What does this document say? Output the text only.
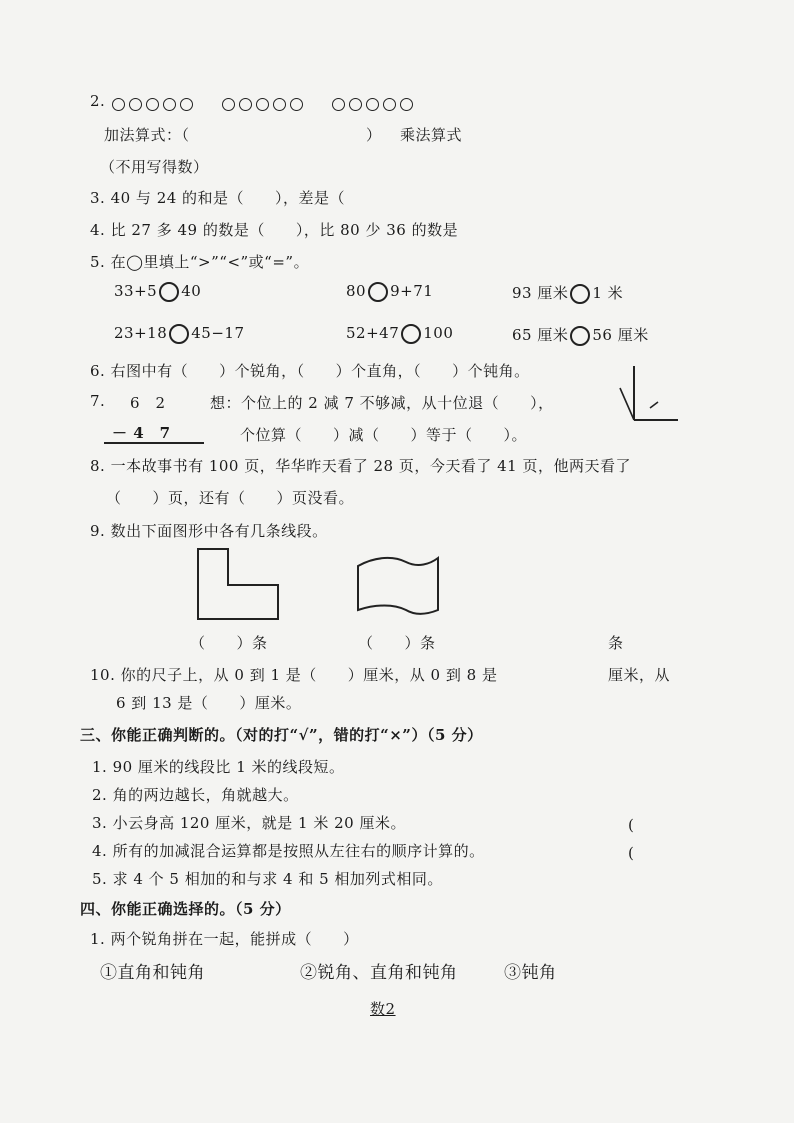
2.
加法算式：（	） 乘法算式
（不用写得数）
3. 40 与 24 的和是（　　），差是（
4. 比 27 多 49 的数是（　　），比 80 少 36 的数是
5. 在◯里填上“>”“<”或“=”。
33+5 40	80 9+71	93 厘米 1 米
23+18 45−17	52+47 100	65 厘米 56 厘米
6. 右图中有（　　）个锐角，（　　）个直角，（　　）个钝角。
7. 6　2	想：个位上的 2 减 7 不够减，从十位退（　　），
－ 4　7	个位算（　　）减（　　）等于（　　）。
8. 一本故事书有 100 页，华华昨天看了 28 页，今天看了 41 页，他两天看了
（　　）页，还有（　　）页没看。
9. 数出下面图形中各有几条线段。
（　　）条	（　　）条	条
10. 你的尺子上，从 0 到 1 是（　　）厘米，从 0 到 8 是	厘米，从
6 到 13 是（　　）厘米。
三、你能正确判断的。（对的打“√”，错的打“×”）（5 分）
1. 90 厘米的线段比 1 米的线段短。
2. 角的两边越长，角就越大。
3. 小云身高 120 厘米，就是 1 米 20 厘米。
4. 所有的加减混合运算都是按照从左往右的顺序计算的。
5. 求 4 个 5 相加的和与求 4 和 5 相加列式相同。
(
(
四、你能正确选择的。（5 分）
1. 两个锐角拼在一起，能拼成（　　）
①直角和钝角	②锐角、直角和钝角	③钝角
数2
